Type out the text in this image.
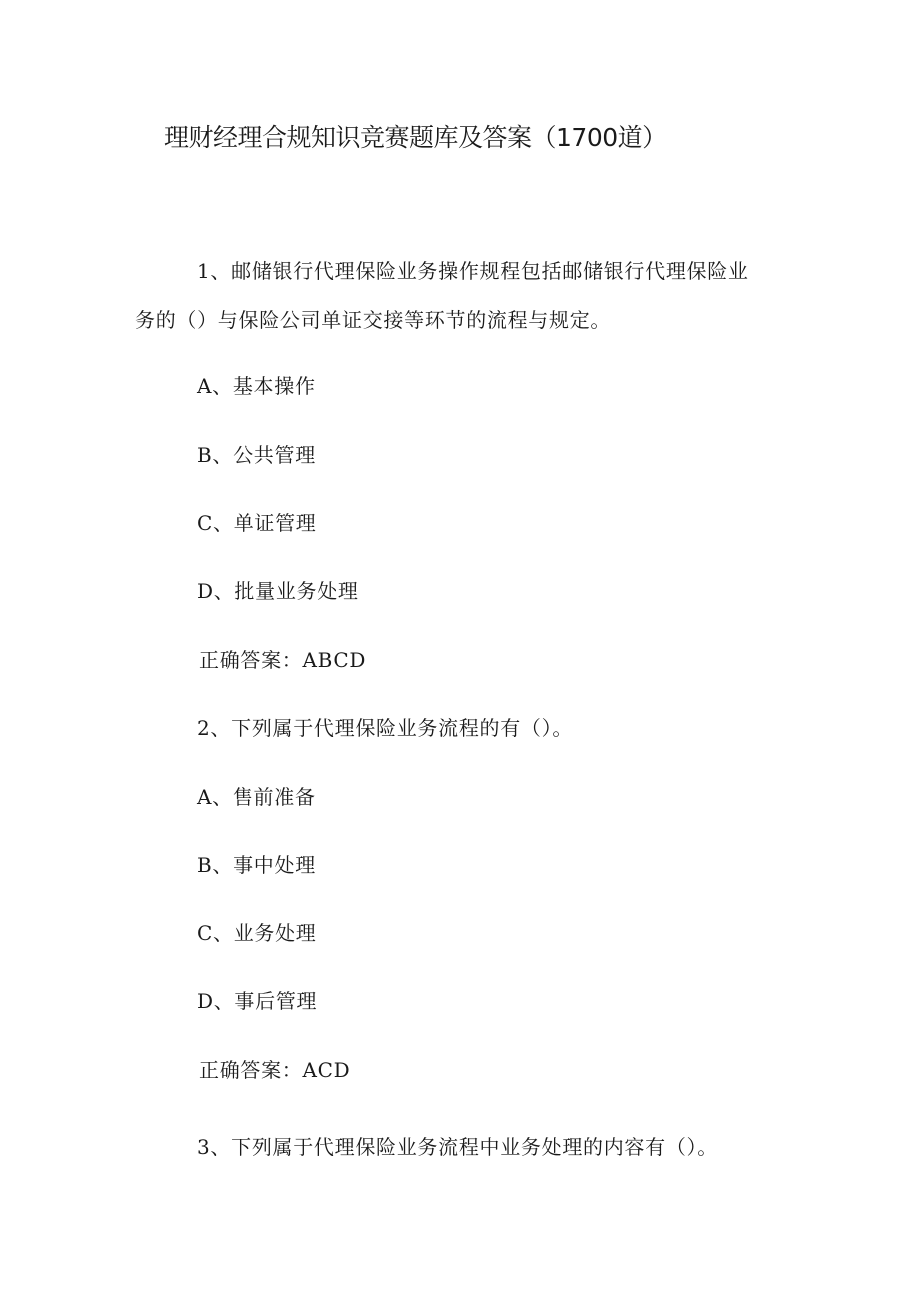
理财经理合规知识竞赛题库及答案（1700道）
1、邮储银行代理保险业务操作规程包括邮储银行代理保险业
务的（）与保险公司单证交接等环节的流程与规定。
A、基本操作
B、公共管理
C、单证管理
D、批量业务处理
正确答案：ABCD
2、下列属于代理保险业务流程的有（）。
A、售前准备
B、事中处理
C、业务处理
D、事后管理
正确答案：ACD
3、下列属于代理保险业务流程中业务处理的内容有（）。
